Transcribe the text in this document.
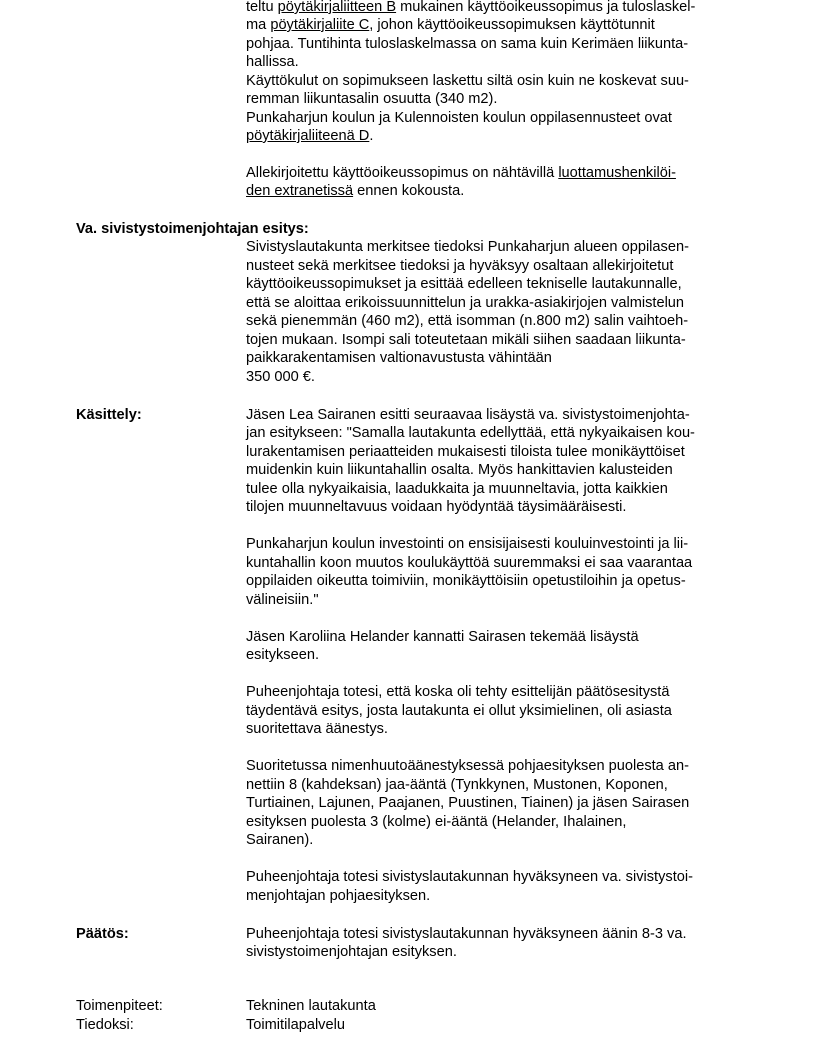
teltu pöytäkirjaliitteen B mukainen käyttöoikeussopimus ja tuloslaskel-

ma pöytäkirjaliite C, johon käyttöoikeussopimuksen käyttötunnit

pohjaa. Tuntihinta tuloslaskelmassa on sama kuin Kerimäen liikunta-

hallissa.

Käyttökulut on sopimukseen laskettu siltä osin kuin ne koskevat suu-

remman liikuntasalin osuutta (340 m2).

Punkaharjun koulun ja Kulennoisten koulun oppilasennusteet ovat

pöytäkirjaliiteenä D.

Allekirjoitettu käyttöoikeussopimus on nähtävillä luottamushenkilöi-

den extranetissä ennen kokousta.

Va. sivistystoimenjohtajan esitys:

Sivistyslautakunta merkitsee tiedoksi Punkaharjun alueen oppilasen-

nusteet sekä merkitsee tiedoksi ja hyväksyy osaltaan allekirjoitetut

käyttöoikeussopimukset ja esittää edelleen tekniselle lautakunnalle,

että se aloittaa erikoissuunnittelun ja urakka-asiakirjojen valmistelun

sekä pienemmän (460 m2), että isomman (n.800 m2) salin vaihtoeh-

tojen mukaan. Isompi sali toteutetaan mikäli siihen saadaan liikunta-

paikkarakentamisen valtionavustusta vähintään

350 000 €.

Käsittely:	Jäsen Lea Sairanen esitti seuraavaa lisäystä va. sivistystoimenjohta-

jan esitykseen: "Samalla lautakunta edellyttää, että nykyaikaisen kou-

lurakentamisen periaatteiden mukaisesti tiloista tulee monikäyttöiset

muidenkin kuin liikuntahallin osalta. Myös hankittavien kalusteiden

tulee olla nykyaikaisia, laadukkaita ja muunneltavia, jotta kaikkien

tilojen muunneltavuus voidaan hyödyntää täysimääräisesti.

Punkaharjun koulun investointi on ensisijaisesti kouluinvestointi ja lii-

kuntahallin koon muutos koulukäyttöä suuremmaksi ei saa vaarantaa

oppilaiden oikeutta toimiviin, monikäyttöisiin opetustiloihin ja opetus-

välineisiin."

Jäsen Karoliina Helander kannatti Sairasen tekemää lisäystä

esitykseen.

Puheenjohtaja totesi, että koska oli tehty esittelijän päätösesitystä

täydentävä esitys, josta lautakunta ei ollut yksimielinen, oli asiasta

suoritettava äänestys.

Suoritetussa nimenhuutoäänestyksessä pohjaesityksen puolesta an-

nettiin 8 (kahdeksan) jaa-ääntä (Tynkkynen, Mustonen, Koponen,

Turtiainen, Lajunen, Paajanen, Puustinen, Tiainen) ja jäsen Sairasen

esityksen puolesta 3 (kolme) ei-ääntä (Helander, Ihalainen,

Sairanen).

Puheenjohtaja totesi sivistyslautakunnan hyväksyneen va. sivistystoi-

menjohtajan pohjaesityksen.

Päätös:	Puheenjohtaja totesi sivistyslautakunnan hyväksyneen äänin 8-3 va.

sivistystoimenjohtajan esityksen.

Toimenpiteet:	Tekninen lautakunta

Tiedoksi:	Toimitilapalvelu
